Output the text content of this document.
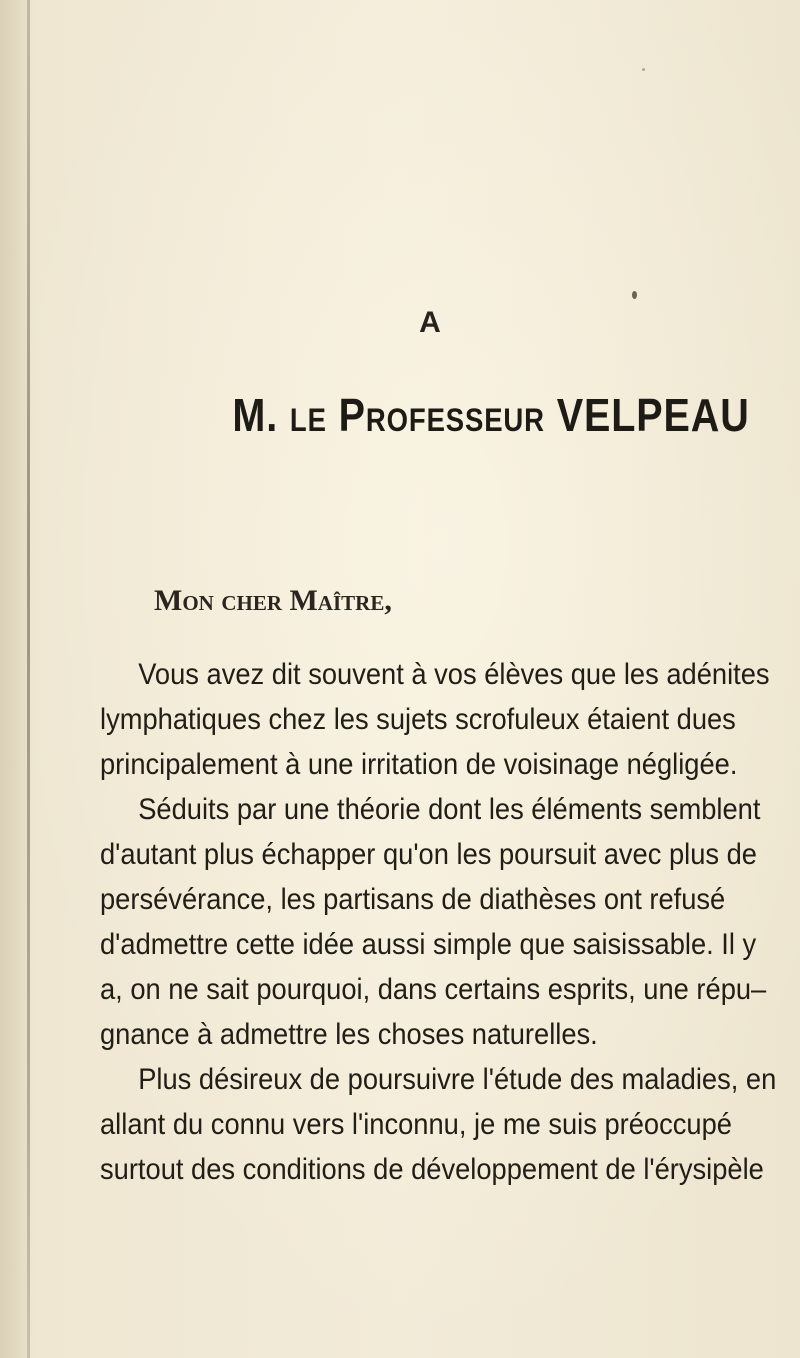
A
M. le Professeur VELPEAU
Mon cher Maître,

Vous avez dit souvent à vos élèves que les adénites
lymphatiques chez les sujets scrofuleux étaient dues
principalement à une irritation de voisinage négligée.

Séduits par une théorie dont les éléments semblent
d'autant plus échapper qu'on les poursuit avec plus de
persévérance, les partisans de diathèses ont refusé
d'admettre cette idée aussi simple que saisissable. Il y
a, on ne sait pourquoi, dans certains esprits, une répu–
gnance à admettre les choses naturelles.

Plus désireux de poursuivre l'étude des maladies, en
allant du connu vers l'inconnu, je me suis préoccupé
surtout des conditions de développement de l'érysipèle
